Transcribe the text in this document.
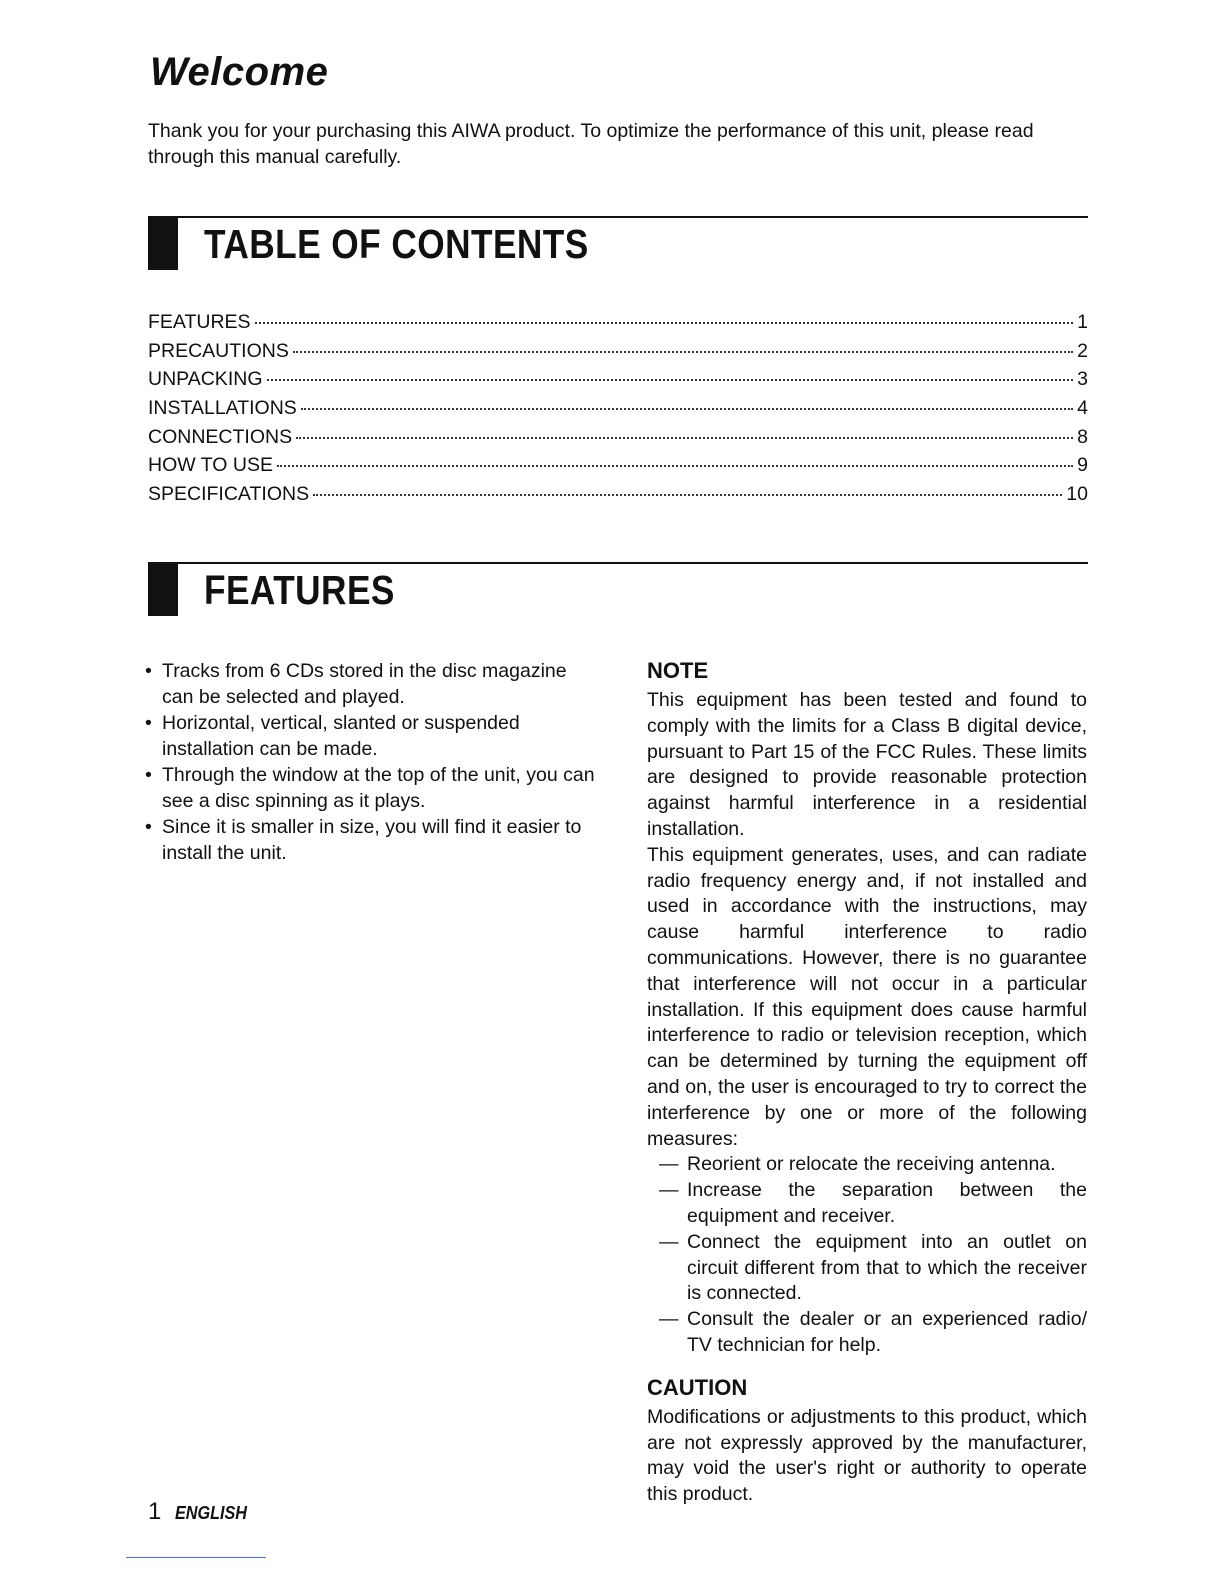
Welcome

Thank you for your purchasing this AIWA product. To optimize the performance of this unit, please read through this manual carefully.

TABLE OF CONTENTS
FEATURES	1
PRECAUTIONS	2
UNPACKING	3
INSTALLATIONS	4
CONNECTIONS	8
HOW TO USE	9
SPECIFICATIONS	10
FEATURES
• Tracks from 6 CDs stored in the disc magazine can be selected and played.
• Horizontal, vertical, slanted or suspended installation can be made.
• Through the window at the top of the unit, you can see a disc spinning as it plays.
• Since it is smaller in size, you will find it easier to install the unit.
NOTE

This equipment has been tested and found to comply with the limits for a Class B digital device, pursuant to Part 15 of the FCC Rules. These limits are designed to provide reasonable protection against harmful interference in a residential installation.

This equipment generates, uses, and can radiate radio frequency energy and, if not installed and used in accordance with the instructions, may cause harmful interference to radio communications. However, there is no guarantee that interference will not occur in a particular installation. If this equipment does cause harmful interference to radio or television reception, which can be determined by turning the equipment off and on, the user is encouraged to try to correct the interference by one or more of the following measures:

— Reorient or relocate the receiving antenna.
— Increase the separation between the equipment and receiver.
— Connect the equipment into an outlet on circuit different from that to which the receiver is connected.
— Consult the dealer or an experienced radio/ TV technician for help.
CAUTION

Modifications or adjustments to this product, which are not expressly approved by the manufacturer, may void the user's right or authority to operate this product.

1 ENGLISH
